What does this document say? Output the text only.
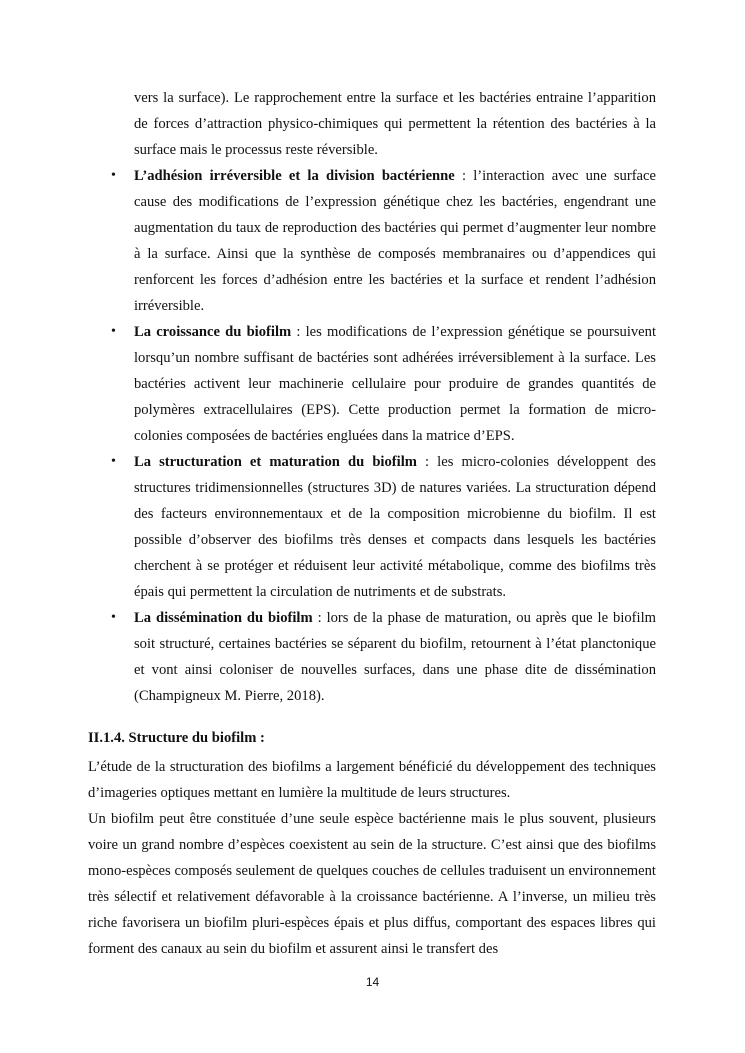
vers la surface). Le rapprochement entre la surface et les bactéries entraine l’apparition de forces d’attraction physico-chimiques qui permettent la rétention des bactéries à la surface mais le processus reste réversible.

• L’adhésion irréversible et la division bactérienne : l’interaction avec une surface cause des modifications de l’expression génétique chez les bactéries, engendrant une augmentation du taux de reproduction des bactéries qui permet d’augmenter leur nombre à la surface. Ainsi que la synthèse de composés membranaires ou d’appendices qui renforcent les forces d’adhésion entre les bactéries et la surface et rendent l’adhésion irréversible.
• La croissance du biofilm : les modifications de l’expression génétique se poursuivent lorsqu’un nombre suffisant de bactéries sont adhérées irréversiblement à la surface. Les bactéries activent leur machinerie cellulaire pour produire de grandes quantités de polymères extracellulaires (EPS). Cette production permet la formation de micro-colonies composées de bactéries engluées dans la matrice d’EPS.
• La structuration et maturation du biofilm : les micro-colonies développent des structures tridimensionnelles (structures 3D) de natures variées. La structuration dépend des facteurs environnementaux et de la composition microbienne du biofilm. Il est possible d’observer des biofilms très denses et compacts dans lesquels les bactéries cherchent à se protéger et réduisent leur activité métabolique, comme des biofilms très épais qui permettent la circulation de nutriments et de substrats.
• La dissémination du biofilm : lors de la phase de maturation, ou après que le biofilm soit structuré, certaines bactéries se séparent du biofilm, retournent à l’état planctonique et vont ainsi coloniser de nouvelles surfaces, dans une phase dite de dissémination (Champigneux M. Pierre, 2018).
II.1.4. Structure du biofilm :

L’étude de la structuration des biofilms a largement bénéficié du développement des techniques d’imageries optiques mettant en lumière la multitude de leurs structures.

Un biofilm peut être constituée d’une seule espèce bactérienne mais le plus souvent, plusieurs voire un grand nombre d’espèces coexistent au sein de la structure. C’est ainsi que des biofilms mono-espèces composés seulement de quelques couches de cellules traduisent un environnement très sélectif et relativement défavorable à la croissance bactérienne. A l’inverse, un milieu très riche favorisera un biofilm pluri-espèces épais et plus diffus, comportant des espaces libres qui forment des canaux au sein du biofilm et assurent ainsi le transfert des

14
